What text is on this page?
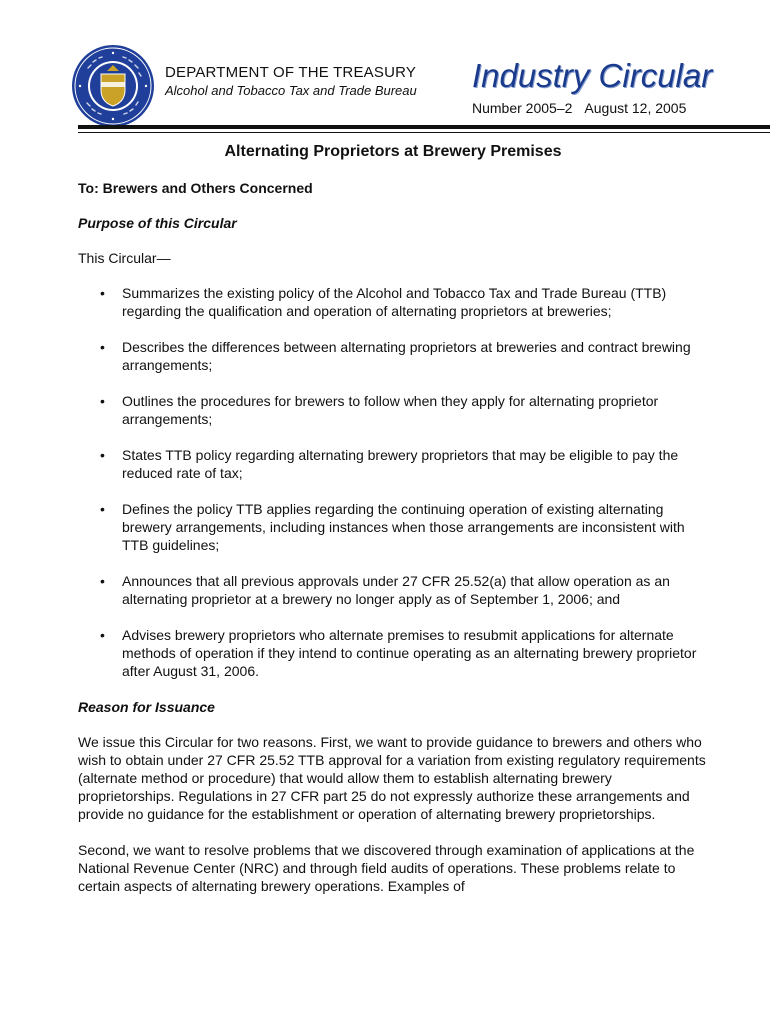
DEPARTMENT OF THE TREASURY
Alcohol and Tobacco Tax and Trade Bureau Industry Circular
Number 2005–2 August 12, 2005
Alternating Proprietors at Brewery Premises

To: Brewers and Others Concerned

Purpose of this Circular

This Circular—

• Summarizes the existing policy of the Alcohol and Tobacco Tax and Trade Bureau (TTB) regarding the qualification and operation of alternating proprietors at breweries;
• Describes the differences between alternating proprietors at breweries and contract brewing arrangements;
• Outlines the procedures for brewers to follow when they apply for alternating proprietor arrangements;
• States TTB policy regarding alternating brewery proprietors that may be eligible to pay the reduced rate of tax;
• Defines the policy TTB applies regarding the continuing operation of existing alternating brewery arrangements, including instances when those arrangements are inconsistent with TTB guidelines;
• Announces that all previous approvals under 27 CFR 25.52(a) that allow operation as an alternating proprietor at a brewery no longer apply as of September 1, 2006; and
• Advises brewery proprietors who alternate premises to resubmit applications for alternate methods of operation if they intend to continue operating as an alternating brewery proprietor after August 31, 2006.

Reason for Issuance

We issue this Circular for two reasons. First, we want to provide guidance to brewers and others who wish to obtain under 27 CFR 25.52 TTB approval for a variation from existing regulatory requirements (alternate method or procedure) that would allow them to establish alternating brewery proprietorships. Regulations in 27 CFR part 25 do not expressly authorize these arrangements and provide no guidance for the establishment or operation of alternating brewery proprietorships.

Second, we want to resolve problems that we discovered through examination of applications at the National Revenue Center (NRC) and through field audits of operations. These problems relate to certain aspects of alternating brewery operations. Examples of
